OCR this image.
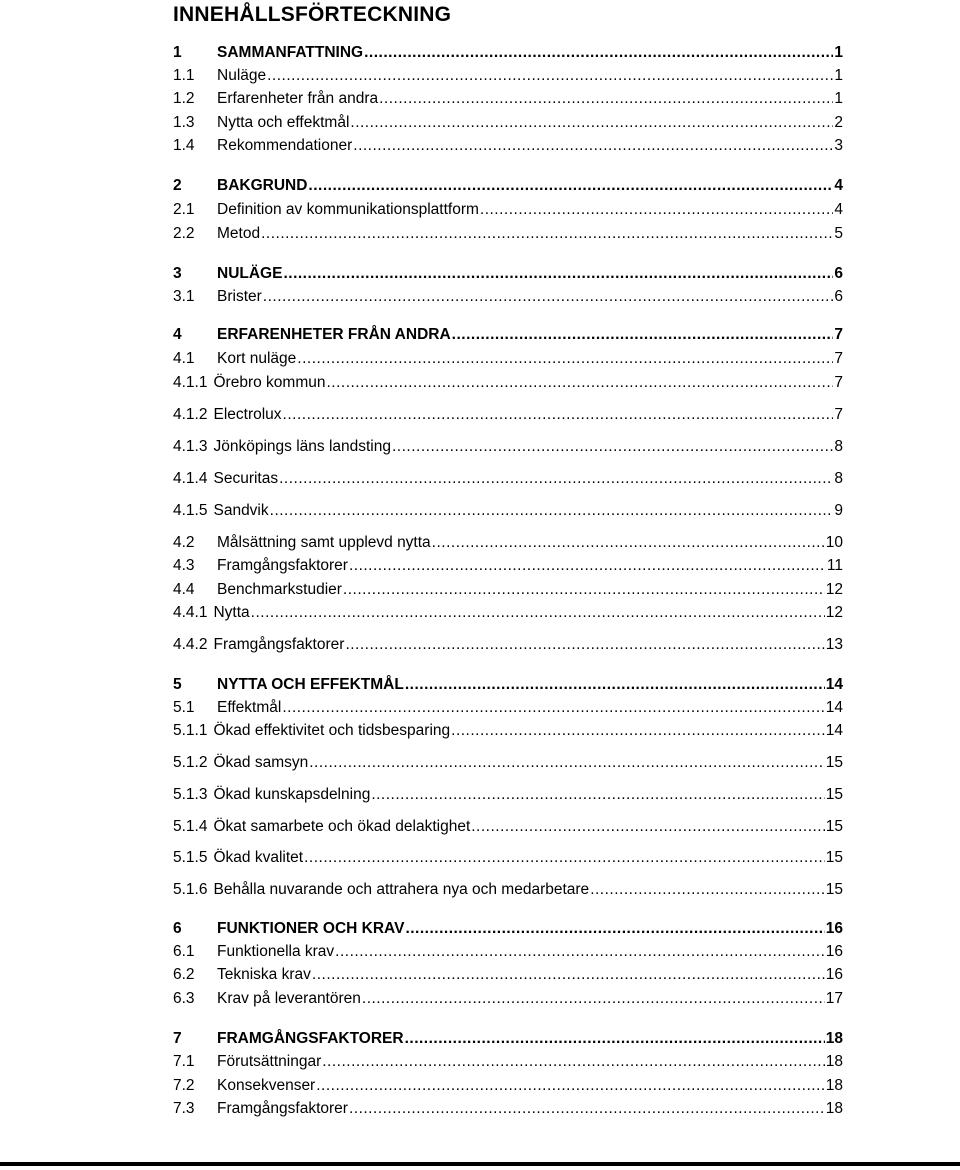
INNEHÅLLSFÖRTECKNING
1	SAMMANFATTNING .....	1
1.1	Nuläge .....	1
1.2	Erfarenheter från andra .....	1
1.3	Nytta och effektmål .....	2
1.4	Rekommendationer .....	3
2	BAKGRUND .....	4
2.1	Definition av kommunikationsplattform .....	4
2.2	Metod .....	5
3	NULÄGE .....	6
3.1	Brister .....	6
4	ERFARENHETER FRÅN ANDRA .....	7
4.1	Kort nuläge .....	7
4.1.1 Örebro kommun .....	7
4.1.2 Electrolux .....	7
4.1.3 Jönköpings läns landsting .....	8
4.1.4 Securitas .....	8
4.1.5 Sandvik .....	9
4.2	Målsättning samt upplevd nytta .....	10
4.3	Framgångsfaktorer .....	11
4.4	Benchmarkstudier .....	12
4.4.1 Nytta .....	12
4.4.2 Framgångsfaktorer .....	13
5	NYTTA OCH EFFEKTMÅL .....	14
5.1	Effektmål .....	14
5.1.1 Ökad effektivitet och tidsbesparing .....	14
5.1.2 Ökad samsyn .....	15
5.1.3 Ökad kunskapsdelning .....	15
5.1.4 Ökat samarbete och ökad delaktighet .....	15
5.1.5 Ökad kvalitet .....	15
5.1.6 Behålla nuvarande och attrahera nya och medarbetare .....	15
6	FUNKTIONER OCH KRAV .....	16
6.1	Funktionella krav .....	16
6.2	Tekniska krav .....	16
6.3	Krav på leverantören .....	17
7	FRAMGÅNGSFAKTORER .....	18
7.1	Förutsättningar .....	18
7.2	Konsekvenser .....	18
7.3	Framgångsfaktorer .....	18
